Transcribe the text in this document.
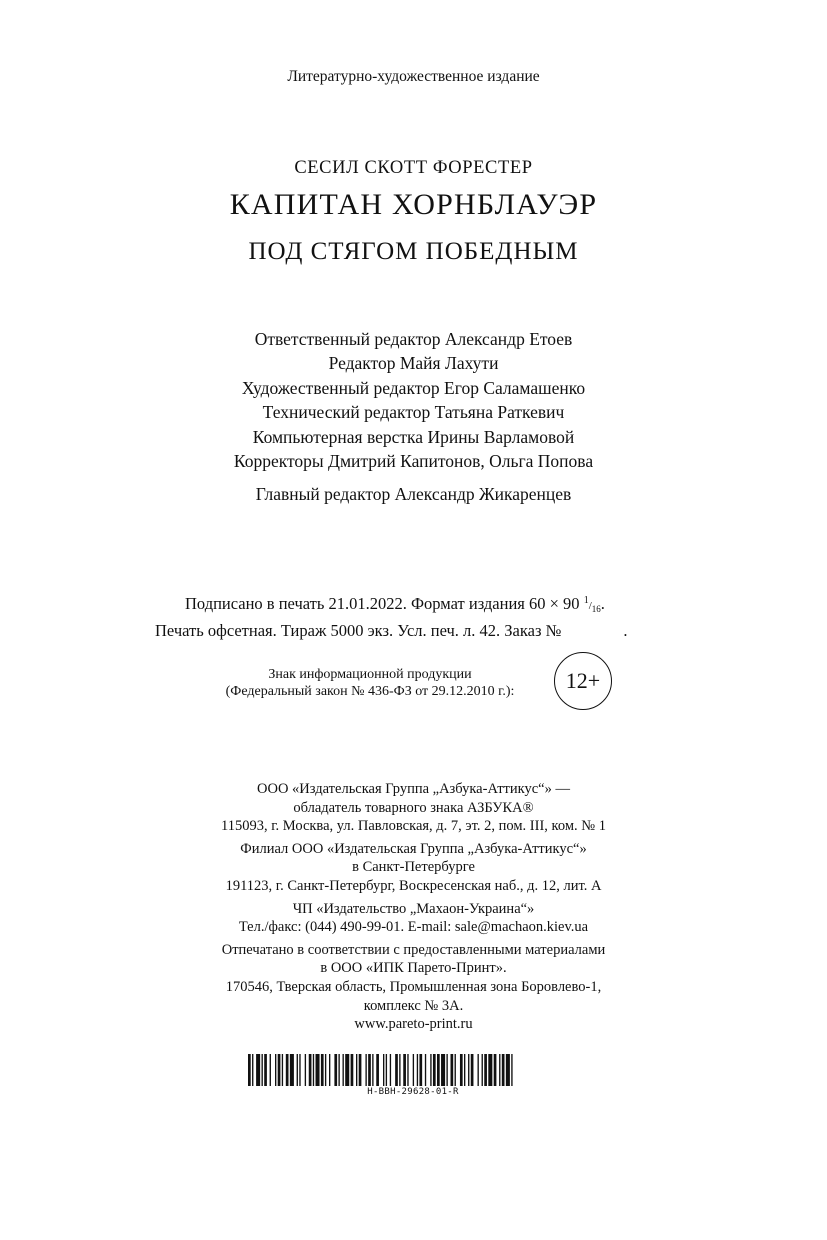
Литературно-художественное издание
СЕСИЛ СКОТТ ФОРЕСТЕР
КАПИТАН ХОРНБЛАУЭР
ПОД СТЯГОМ ПОБЕДНЫМ
Ответственный редактор Александр Етоев
Редактор Майя Лахути
Художественный редактор Егор Саламашенко
Технический редактор Татьяна Раткевич
Компьютерная верстка Ирины Варламовой
Корректоры Дмитрий Капитонов, Ольга Попова
Главный редактор Александр Жикаренцев
Подписано в печать 21.01.2022. Формат издания 60 × 90 $^1/_{16}$.
Печать офсетная. Тираж 5000 экз. Усл. печ. л. 42. Заказ №	.
Знак информационной продукции
(Федеральный закон № 436-ФЗ от 29.12.2010 г.):	12+
ООО «Издательская Группа „Азбука-Аттикус“» —
обладатель товарного знака АЗБУКА®
115093, г. Москва, ул. Павловская, д. 7, эт. 2, пом. III, ком. № 1
Филиал ООО «Издательская Группа „Азбука-Аттикус“»
в Санкт-Петербурге
191123, г. Санкт-Петербург, Воскресенская наб., д. 12, лит. А
ЧП «Издательство „Махаон-Украина“»
Тел./факс: (044) 490-99-01. E-mail: sale@machaon.kiev.ua
Отпечатано в соответствии с предоставленными материалами
в ООО «ИПК Парето-Принт».
170546, Тверская область, Промышленная зона Боровлево-1,
комплекс № 3А.
www.pareto-print.ru
H-BBH-29628-01-R
